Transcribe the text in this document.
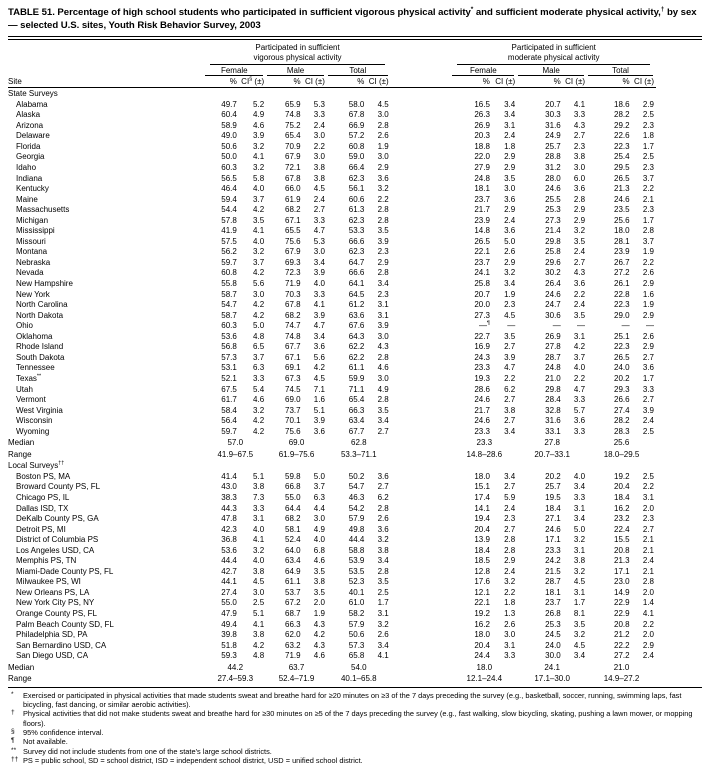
TABLE 51. Percentage of high school students who participated in sufficient vigorous physical activity* and sufficient moderate physical activity,† by sex — selected U.S. sites, Youth Risk Behavior Survey, 2003

Participated in sufficient
vigorous physical activity

Participated in sufficient
moderate physical activity

	Female		Male		Total			Female		Male		Total	

Site	%	CI§ (±)	%	CI (±)	%	CI (±)		%	CI (±)	%	CI (±)	%	CI (±)
State Surveys													
Alabama	49.7	5.2	65.9	5.3	58.0	4.5		16.5	3.4	20.7	4.1	18.6	2.9
Alaska	60.4	4.9	74.8	3.3	67.8	3.0		26.3	3.4	30.3	3.3	28.2	2.5
Arizona	58.9	4.6	75.2	2.4	66.9	2.8		26.9	3.1	31.6	4.3	29.2	2.3
Delaware	49.0	3.9	65.4	3.0	57.2	2.6		20.3	2.4	24.9	2.7	22.6	1.8
Florida	50.6	3.2	70.9	2.2	60.8	1.9		18.8	1.8	25.7	2.3	22.3	1.7
Georgia	50.0	4.1	67.9	3.0	59.0	3.0		22.0	2.9	28.8	3.8	25.4	2.5
Idaho	60.3	3.2	72.1	3.8	66.4	2.9		27.9	2.9	31.2	3.0	29.5	2.3
Indiana	56.5	5.8	67.8	3.8	62.3	3.6		24.8	3.5	28.0	6.0	26.5	3.7
Kentucky	46.4	4.0	66.0	4.5	56.1	3.2		18.1	3.0	24.6	3.6	21.3	2.2
Maine	59.4	3.7	61.9	2.4	60.6	2.2		23.7	3.6	25.5	2.8	24.6	2.1
Massachusetts	54.4	4.2	68.2	2.7	61.3	2.8		21.7	2.9	25.3	2.9	23.5	2.3
Michigan	57.8	3.5	67.1	3.3	62.3	2.8		23.9	2.4	27.3	2.9	25.6	1.7
Mississippi	41.9	4.1	65.5	4.7	53.3	3.5		14.8	3.6	21.4	3.2	18.0	2.8
Missouri	57.5	4.0	75.6	5.3	66.6	3.9		26.5	5.0	29.8	3.5	28.1	3.7
Montana	56.2	3.2	67.9	3.0	62.3	2.3		22.1	2.6	25.8	2.4	23.9	1.9
Nebraska	59.7	3.7	69.3	3.4	64.7	2.9		23.7	2.9	29.6	2.7	26.7	2.2
Nevada	60.8	4.2	72.3	3.9	66.6	2.8		24.1	3.2	30.2	4.3	27.2	2.6
New Hampshire	55.8	5.6	71.9	4.0	64.1	3.4		25.8	3.4	26.4	3.6	26.1	2.9
New York	58.7	3.0	70.3	3.3	64.5	2.3		20.7	1.9	24.6	2.2	22.8	1.6
North Carolina	54.7	4.2	67.8	4.1	61.2	3.1		20.0	2.3	24.7	2.4	22.3	1.9
North Dakota	58.7	4.2	68.2	3.9	63.6	3.1		27.3	4.5	30.6	3.5	29.0	2.9
Ohio	60.3	5.0	74.7	4.7	67.6	3.9		—¶	—	—	—	—	—
Oklahoma	53.6	4.8	74.8	3.4	64.3	3.0		22.7	3.5	26.9	3.1	25.1	2.6
Rhode Island	56.8	6.5	67.7	3.6	62.2	4.3		16.9	2.7	27.8	4.2	22.3	2.9
South Dakota	57.3	3.7	67.1	5.6	62.2	2.8		24.3	3.9	28.7	3.7	26.5	2.7
Tennessee	53.1	6.3	69.1	4.2	61.1	4.6		23.3	4.7	24.8	4.0	24.0	3.6
Texas**	52.1	3.3	67.3	4.5	59.9	3.0		19.3	2.2	21.0	2.2	20.2	1.7
Utah	67.5	5.4	74.5	7.1	71.1	4.9		28.6	6.2	29.8	4.7	29.3	3.3
Vermont	61.7	4.6	69.0	1.6	65.4	2.8		24.6	2.7	28.4	3.3	26.6	2.7
West Virginia	58.4	3.2	73.7	5.1	66.3	3.5		21.7	3.8	32.8	5.7	27.4	3.9
Wisconsin	56.4	4.2	70.1	3.9	63.4	3.4		24.6	2.7	31.6	3.6	28.2	2.4
Wyoming	59.7	4.2	75.6	3.6	67.7	2.7		23.3	3.4	33.1	3.3	28.3	2.5
Median	57.0		69.0		62.8			23.3		27.8		25.6	
Range	41.9–67.5		61.9–75.6		53.3–71.1			14.8–28.6		20.7–33.1		18.0–29.5	
Local Surveys††
Boston PS, MA	41.4	5.1	59.8	5.0	50.2	3.6		18.0	3.4	20.2	4.0	19.2	2.5
Broward County PS, FL	43.0	3.8	66.8	3.7	54.7	2.7		15.1	2.7	25.7	3.4	20.4	2.2
Chicago PS, IL	38.3	7.3	55.0	6.3	46.3	6.2		17.4	5.9	19.5	3.3	18.4	3.1
Dallas ISD, TX	44.3	3.3	64.4	4.4	54.2	2.8		14.1	2.4	18.4	3.1	16.2	2.0
DeKalb County PS, GA	47.8	3.1	68.2	3.0	57.9	2.6		19.4	2.3	27.1	3.4	23.2	2.3
Detroit PS, MI	42.3	4.0	58.1	4.9	49.8	3.6		20.4	2.7	24.6	5.0	22.4	2.7
District of Columbia PS	36.8	4.1	52.4	4.0	44.4	3.2		13.9	2.8	17.1	3.2	15.5	2.1
Los Angeles USD, CA	53.6	3.2	64.0	6.8	58.8	3.8		18.4	2.8	23.3	3.1	20.8	2.1
Memphis PS, TN	44.4	4.0	63.4	4.6	53.9	3.4		18.5	2.9	24.2	3.8	21.3	2.4
Miami-Dade County PS, FL	42.7	3.8	64.9	3.5	53.5	2.8		12.8	2.4	21.5	3.2	17.1	2.1
Milwaukee PS, WI	44.1	4.5	61.1	3.8	52.3	3.5		17.6	3.2	28.7	4.5	23.0	2.8
New Orleans PS, LA	27.4	3.0	53.7	3.5	40.1	2.5		12.1	2.2	18.1	3.1	14.9	2.0
New York City PS, NY	55.0	2.5	67.2	2.0	61.0	1.7		22.1	1.8	23.7	1.7	22.9	1.4
Orange County PS, FL	47.9	5.1	68.7	1.9	58.2	3.1		19.2	1.3	26.8	8.1	22.9	4.1
Palm Beach County SD, FL	49.4	4.1	66.3	4.3	57.9	3.2		16.2	2.6	25.3	3.5	20.8	2.2
Philadelphia SD, PA	39.8	3.8	62.0	4.2	50.6	2.6		18.0	3.0	24.5	3.2	21.2	2.0
San Bernardino USD, CA	51.8	4.2	63.2	4.3	57.3	3.4		20.4	3.1	24.0	4.5	22.2	2.9
San Diego USD, CA	59.3	4.8	71.9	4.6	65.8	4.1		24.4	3.3	30.0	3.4	27.2	2.4
Median	44.2		63.7		54.0			18.0		24.1		21.0	
Range	27.4–59.3		52.4–71.9		40.1–65.8			12.1–24.4		17.1–30.0		14.9–27.2	
* Exercised or participated in physical activities that made students sweat and breathe hard for ≥20 minutes on ≥3 of the 7 days preceding the survey (e.g., basketball, soccer, running, swimming laps, fast bicycling, fast dancing, or similar aerobic activities).
† Physical activities that did not make students sweat and breathe hard for ≥30 minutes on ≥5 of the 7 days preceding the survey (e.g., fast walking, slow bicycling, skating, pushing a lawn mower, or mopping floors).
§ 95% confidence interval.
¶ Not available.
** Survey did not include students from one of the state’s large school districts.
†† PS = public school, SD = school district, ISD = independent school district, USD = unified school district.
